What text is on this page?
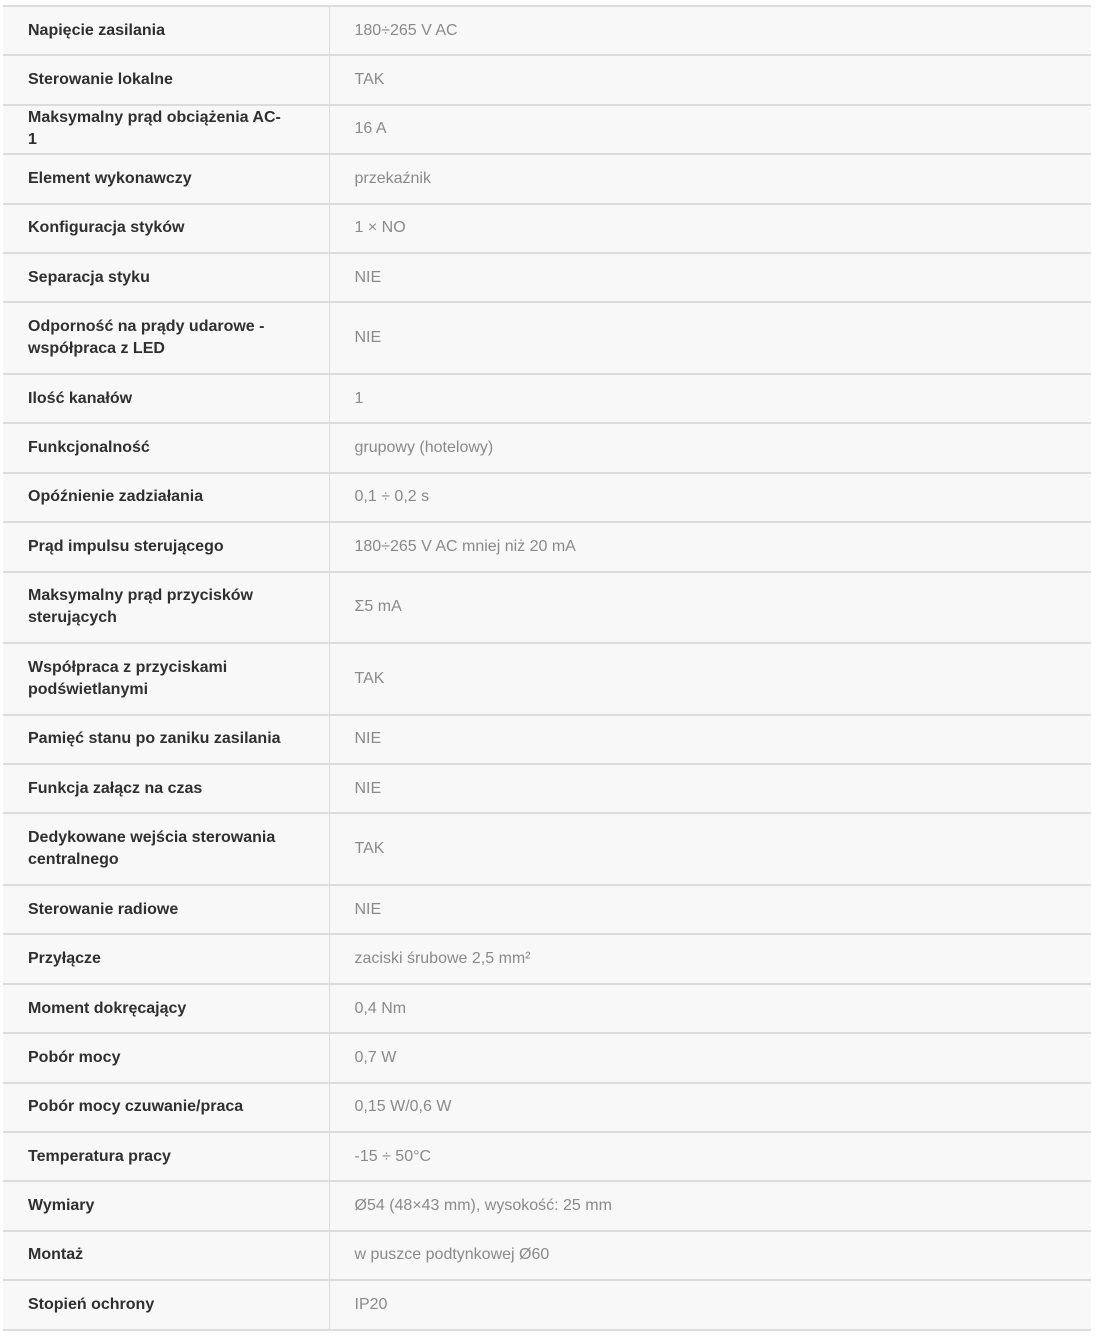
Napięcie zasilania	180÷265 V AC
Sterowanie lokalne	TAK
Maksymalny prąd obciążenia AC-1	16 A
Element wykonawczy	przekaźnik
Konfiguracja styków	1 × NO
Separacja styku	NIE
Odporność na prądy udarowe - współpraca z LED	NIE
Ilość kanałów	1
Funkcjonalność	grupowy (hotelowy)
Opóźnienie zadziałania	0,1 ÷ 0,2 s
Prąd impulsu sterującego	180÷265 V AC mniej niż 20 mA
Maksymalny prąd przycisków sterujących	Σ5 mA
Współpraca z przyciskami podświetlanymi	TAK
Pamięć stanu po zaniku zasilania	NIE
Funkcja załącz na czas	NIE
Dedykowane wejścia sterowania centralnego	TAK
Sterowanie radiowe	NIE
Przyłącze	zaciski śrubowe 2,5 mm²
Moment dokręcający	0,4 Nm
Pobór mocy	0,7 W
Pobór mocy czuwanie/praca	0,15 W/0,6 W
Temperatura pracy	-15 ÷ 50°C
Wymiary	Ø54 (48×43 mm), wysokość: 25 mm
Montaż	w puszce podtynkowej Ø60
Stopień ochrony	IP20
